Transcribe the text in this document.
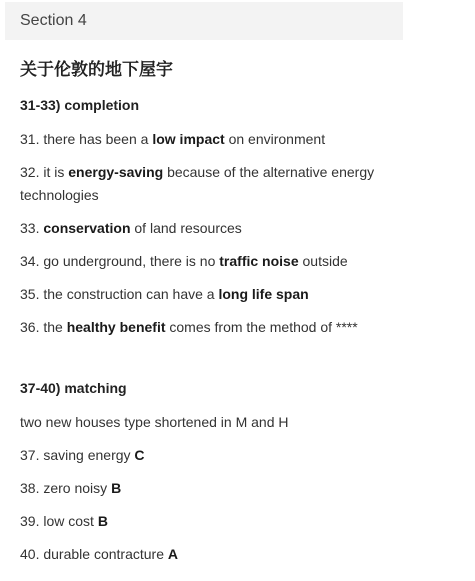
Section 4
关于伦敦的地下屋宇
31-33) completion
31. there has been a low impact on environment
32. it is energy-saving because of the alternative energy technologies
33. conservation of land resources
34. go underground, there is no traffic noise outside
35. the construction can have a long life span
36. the healthy benefit comes from the method of ****
37-40) matching
two new houses type shortened in M and H
37. saving energy C
38. zero noisy B
39. low cost B
40. durable contracture A
